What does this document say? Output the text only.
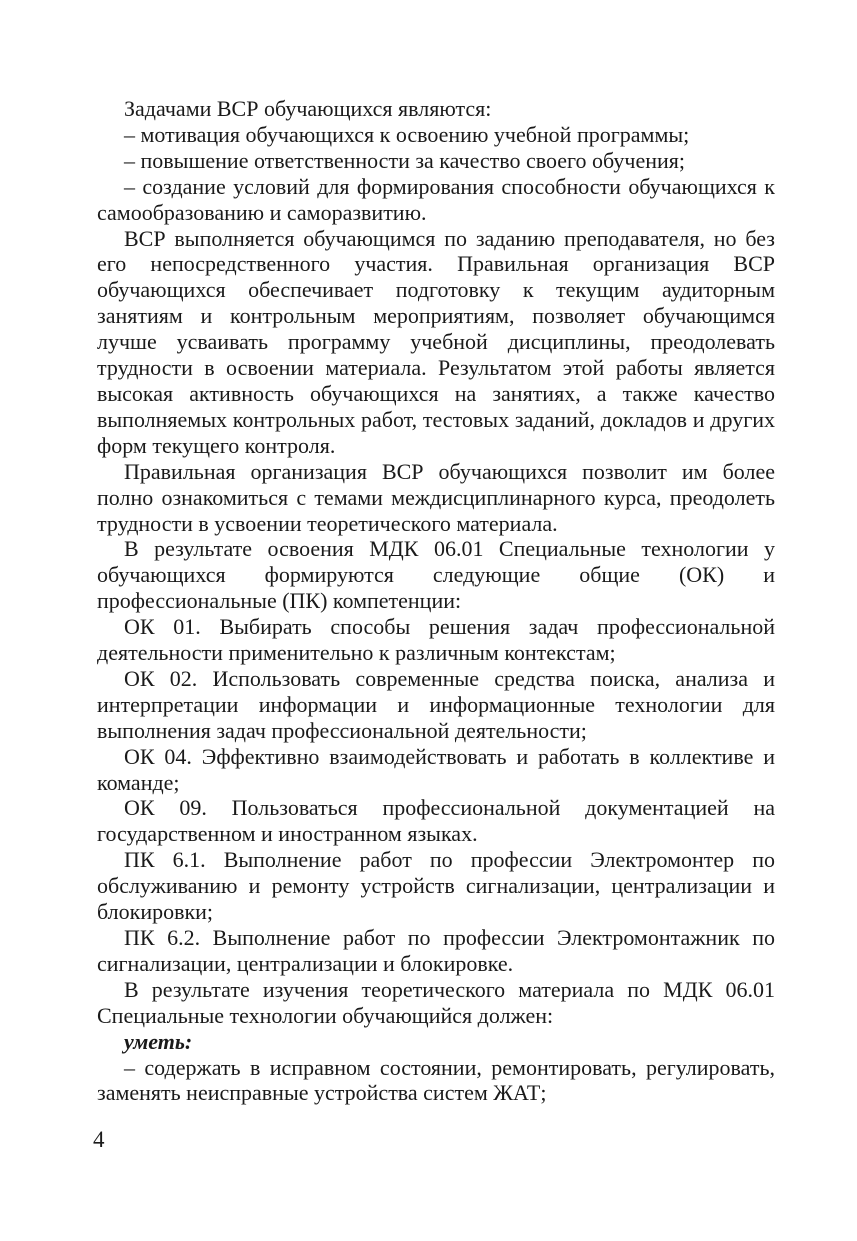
Задачами ВСР обучающихся являются:

– мотивация обучающихся к освоению учебной программы;

– повышение ответственности за качество своего обучения;

– создание условий для формирования способности обучающихся к самообразованию и саморазвитию.

ВСР выполняется обучающимся по заданию преподавателя, но без его непосредственного участия. Правильная организация ВСР обучающихся обеспечивает подготовку к текущим аудиторным занятиям и контрольным мероприятиям, позволяет обучающимся лучше усваивать программу учебной дисциплины, преодолевать трудности в освоении материала. Результатом этой работы является высокая активность обучающихся на занятиях, а также качество выполняемых контрольных работ, тестовых заданий, докладов и других форм текущего контроля.

Правильная организация ВСР обучающихся позволит им более полно ознакомиться с темами междисциплинарного курса, преодолеть трудности в усвоении теоретического материала.

В результате освоения МДК 06.01 Специальные технологии у обучающихся формируются следующие общие (ОК) и профессиональные (ПК) компетенции:

ОК 01. Выбирать способы решения задач профессиональной деятельности применительно к различным контекстам;

ОК 02. Использовать современные средства поиска, анализа и интерпретации информации и информационные технологии для выполнения задач профессиональной деятельности;

ОК 04. Эффективно взаимодействовать и работать в коллективе и команде;

ОК 09. Пользоваться профессиональной документацией на государственном и иностранном языках.

ПК 6.1. Выполнение работ по профессии Электромонтер по обслуживанию и ремонту устройств сигнализации, централизации и блокировки;

ПК 6.2. Выполнение работ по профессии Электромонтажник по сигнализации, централизации и блокировке.

В результате изучения теоретического материала по МДК 06.01 Специальные технологии обучающийся должен:

уметь:

– содержать в исправном состоянии, ремонтировать, регулировать, заменять неисправные устройства систем ЖАТ;

4
